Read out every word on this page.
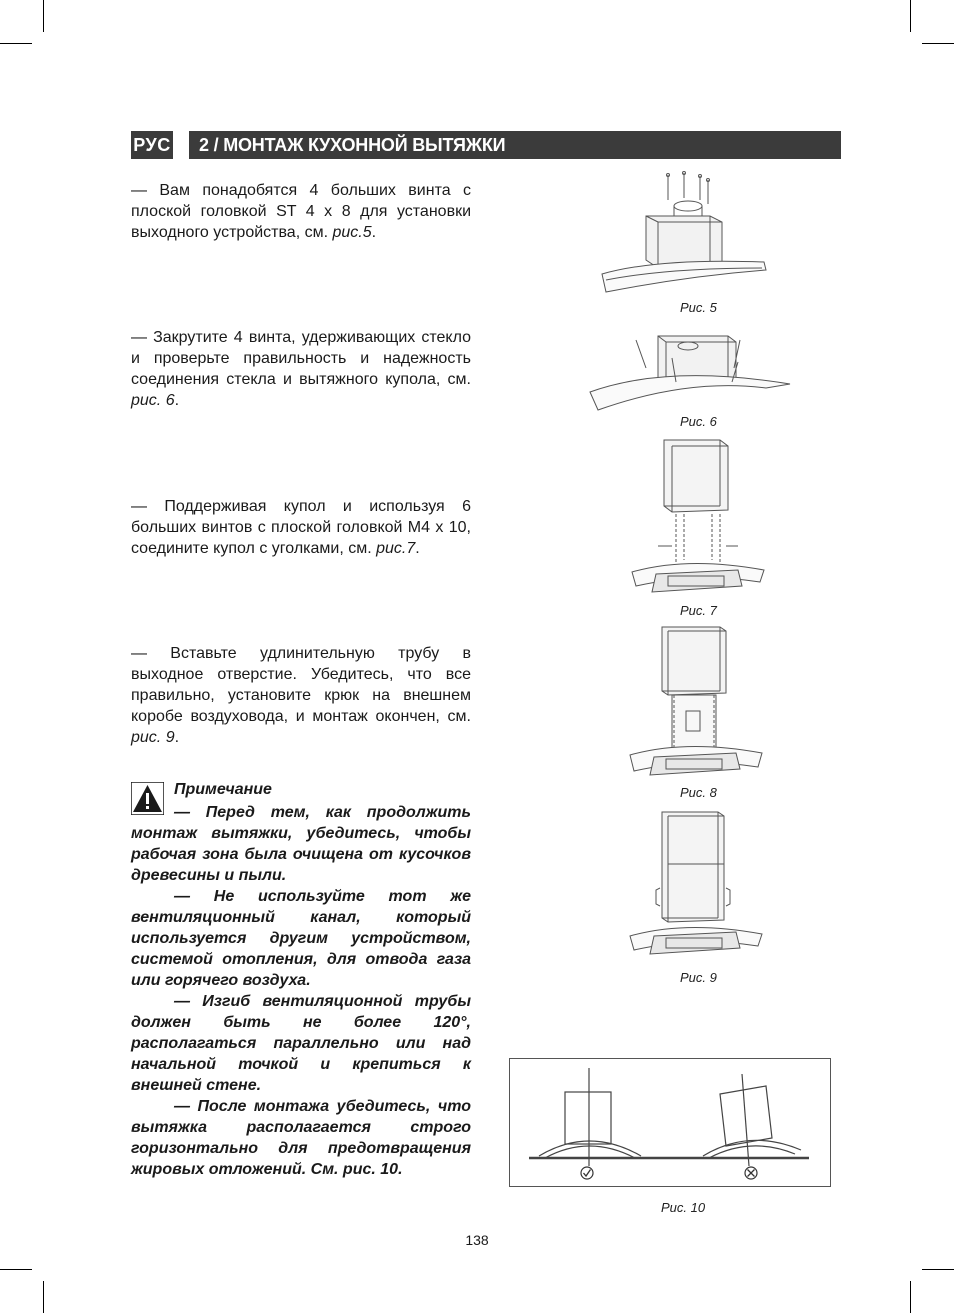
РУС	2 / МОНТАЖ КУХОННОЙ ВЫТЯЖКИ

— Вам понадобятся 4 больших винта с плоской головкой ST 4 x 8 для установки выходного устройства, см. рис.5.

— Закрутите 4 винта, удерживающих стекло и проверьте правильность и надежность соединения стекла и вытяжного купола, см. рис. 6.

— Поддерживая купол и используя 6 больших винтов с плоской головкой M4 x 10, соедините купол с уголками, см. рис.7.

— Вставьте удлинительную трубу в выходное отверстие. Убедитесь, что все правильно, установите крюк на внешнем коробе воздуховода, и монтаж окончен, см. рис. 9.

Примечание

— Перед тем, как продолжить монтаж вытяжки, убедитесь, чтобы рабочая зона была очищена от кусочков древесины и пыли.

— Не используйте тот же вентиляционный канал, который используется другим устройством, системой отопления, для отвода газа или горячего воздуха.

— Изгиб вентиляционной трубы должен быть не более 120°, располагаться параллельно или над начальной точкой и крепиться к внешней стене.

— После монтажа убедитесь, что вытяжка располагается строго горизонтально для предотвращения жировых отложений. См. рис. 10.

Рис. 5
Рис. 6
Рис. 7
Рис. 8
Рис. 9
Рис. 10
138
